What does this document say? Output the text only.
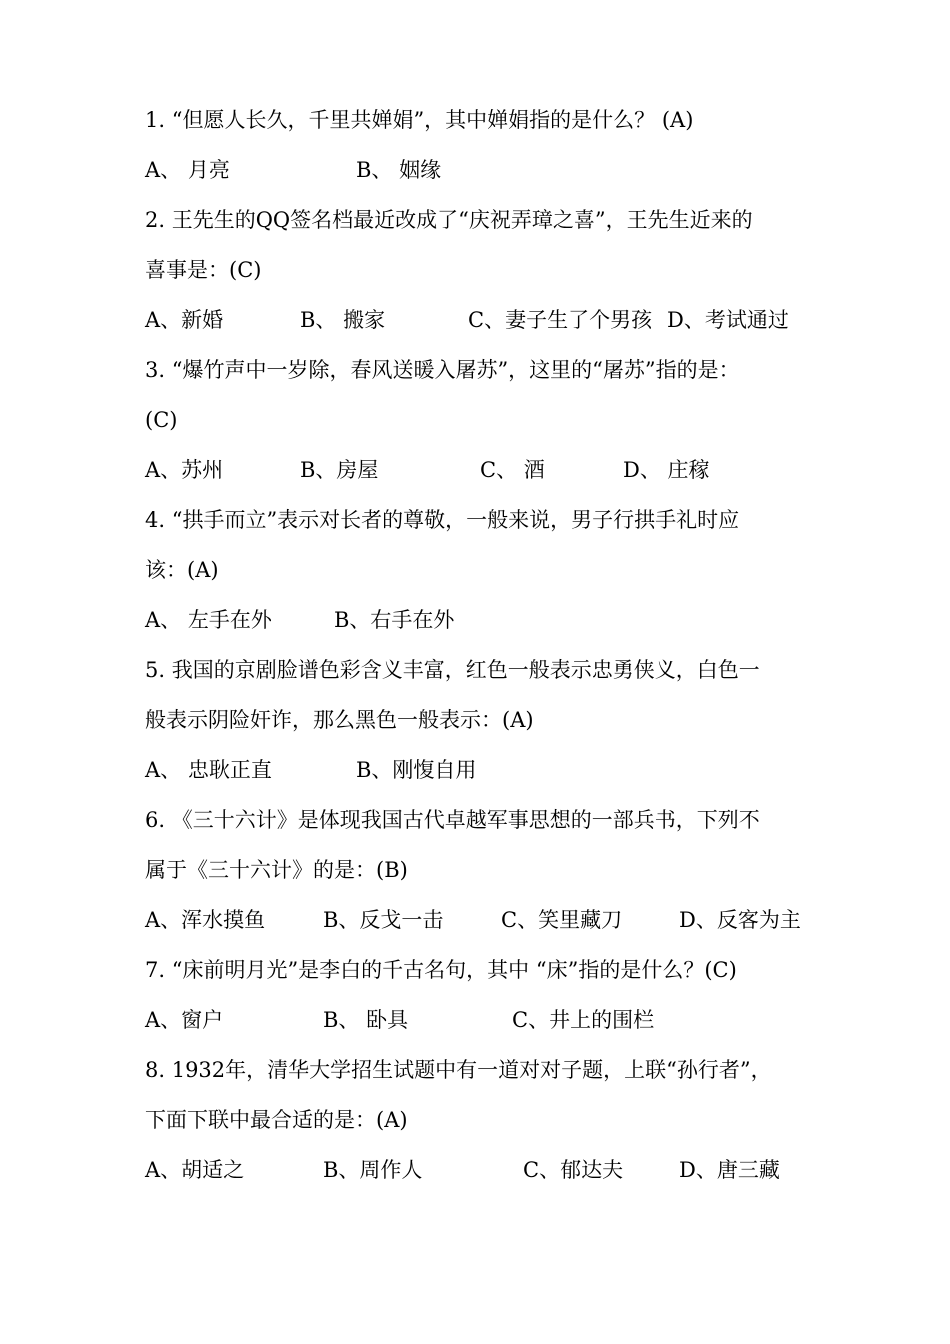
1. “但愿人长久，千里共婵娟”，其中婵娟指的是什么？ (A)
A、 月亮	B、 姻缘
2. 王先生的QQ签名档最近改成了“庆祝弄璋之喜”，王先生近来的
喜事是：(C)
A、新婚	B、 搬家	C、妻子生了个男孩 D、考试通过
3. “爆竹声中一岁除，春风送暖入屠苏”，这里的“屠苏”指的是：
(C)
A、苏州	B、房屋	C、 酒	D、 庄稼
4. “拱手而立”表示对长者的尊敬，一般来说，男子行拱手礼时应
该：(A)
A、 左手在外	B、右手在外
5. 我国的京剧脸谱色彩含义丰富，红色一般表示忠勇侠义，白色一
般表示阴险奸诈，那么黑色一般表示：(A)
A、 忠耿正直	B、刚愎自用
6. 《三十六计》是体现我国古代卓越军事思想的一部兵书，下列不
属于《三十六计》的是：(B)
A、浑水摸鱼	B、反戈一击	C、笑里藏刀	D、反客为主
7. “床前明月光”是李白的千古名句，其中 “床”指的是什么？(C)
A、窗户	B、 卧具	C、井上的围栏
8. 1932年，清华大学招生试题中有一道对对子题，上联“孙行者”，
下面下联中最合适的是：(A)
A、胡适之	B、周作人	C、郁达夫	D、唐三藏
